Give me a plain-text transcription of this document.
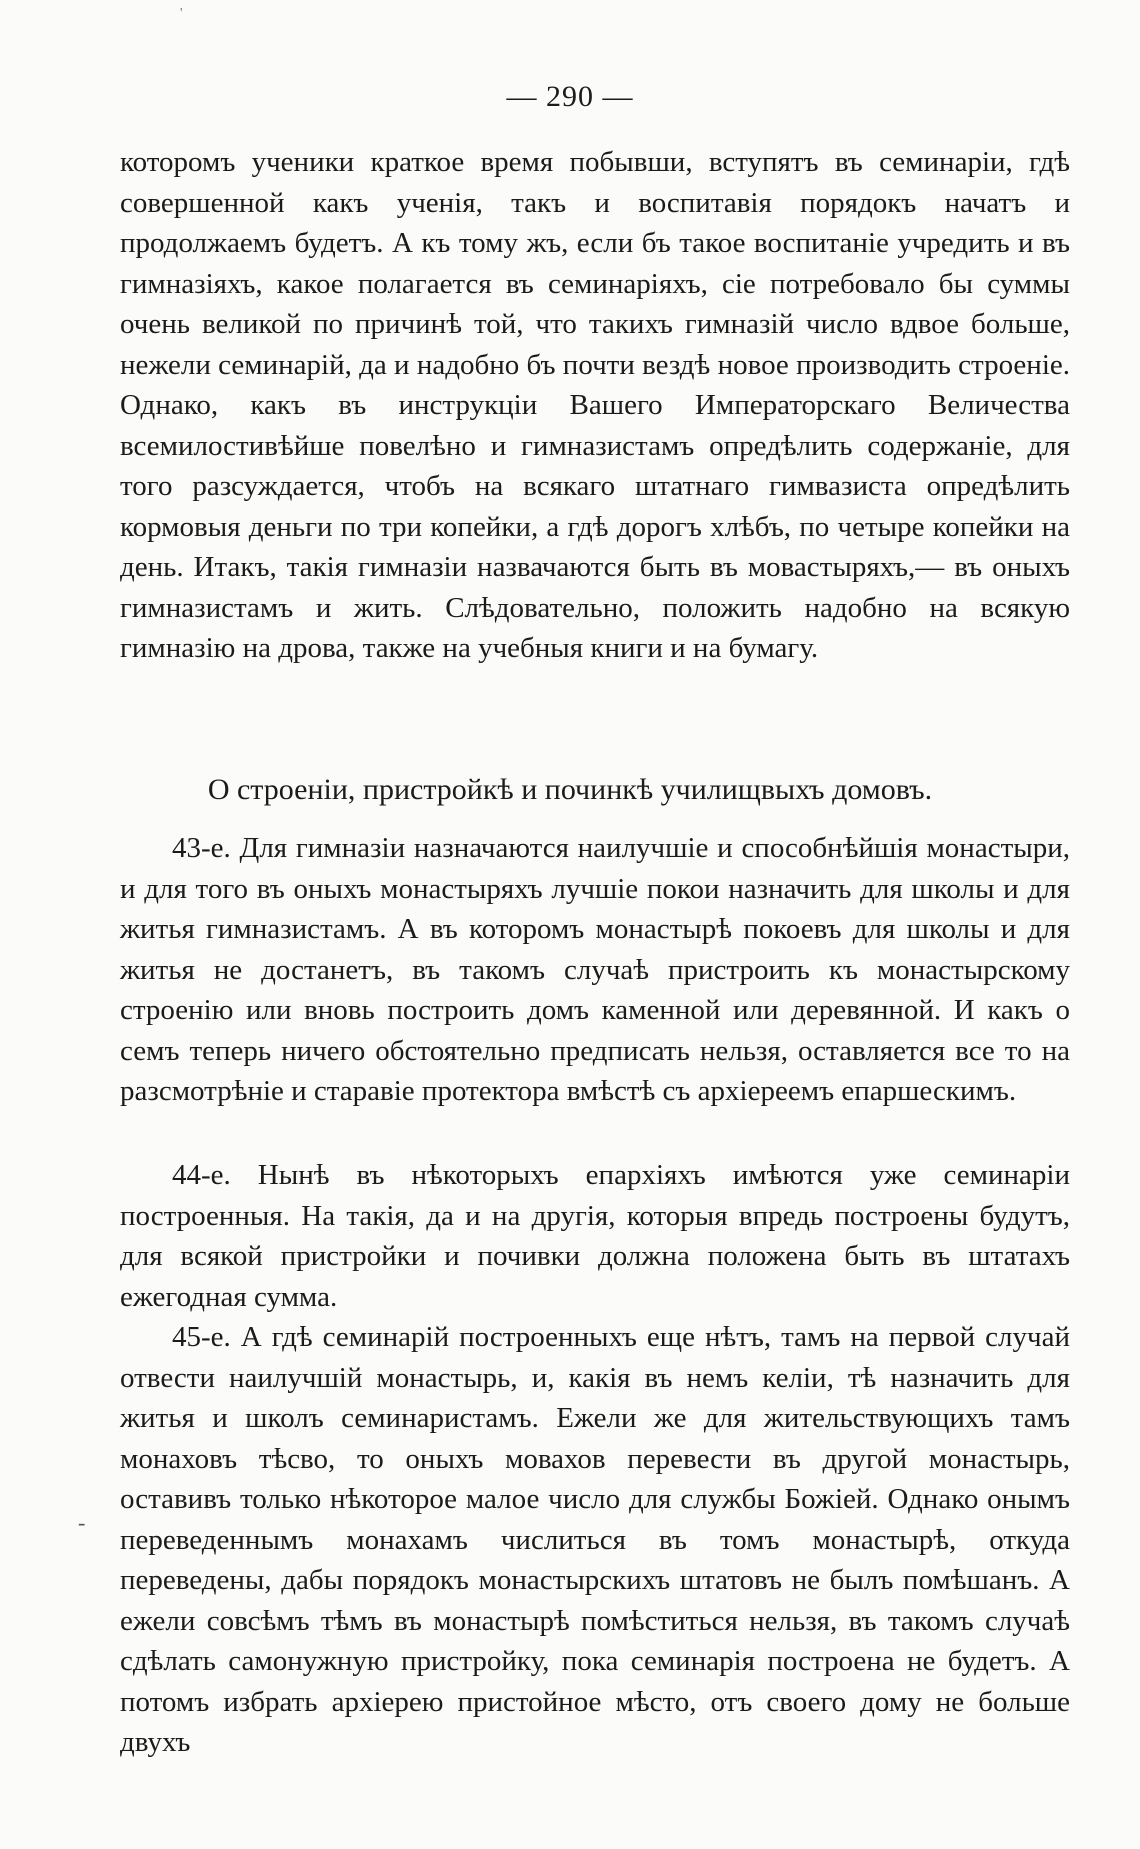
'
— 290 —

которомъ ученики краткое время побывши, вступятъ въ семинаріи, гдѣ совершенной какъ ученія, такъ и воспитавія порядокъ начатъ и продолжаемъ будетъ. А къ тому жъ, если бъ такое воспитаніе учредить и въ гимназіяхъ, какое полагается въ семинаріяхъ, сіе потребовало бы суммы очень великой по причинѣ той, что такихъ гимназій число вдвое больше, нежели семинарій, да и надобно бъ почти вездѣ новое производить строеніе. Однако, какъ въ инструкціи Вашего Императорскаго Величества всемилостивѣйше повелѣно и гимназистамъ опредѣлить содержаніе, для того разсуждается, чтобъ на всякаго штатнаго гимвазиста опредѣлить кормовыя деньги по три копейки, а гдѣ дорогъ хлѣбъ, по четыре копейки на день. Итакъ, такія гимназіи назвачаются быть въ мовастыряхъ,— въ оныхъ гимназистамъ и жить. Слѣдовательно, положить надобно на всякую гимназію на дрова, также на учебныя книги и на бумагу.

О строеніи, пристройкѣ и починкѣ училищвыхъ домовъ.

43-е. Для гимназіи назначаются наилучшіе и способнѣйшія монастыри, и для того въ оныхъ монастыряхъ лучшіе покои назначить для школы и для житья гимназистамъ. А въ которомъ монастырѣ покоевъ для школы и для житья не достанетъ, въ такомъ случаѣ пристроить къ монастырскому строенію или вновь построить домъ каменной или деревянной. И какъ о семъ теперь ничего обстоятельно предписать нельзя, оставляется все то на разсмотрѣніе и старавіе протектора вмѣстѣ съ архіереемъ епаршескимъ.

44-е. Нынѣ въ нѣкоторыхъ епархіяхъ имѣются уже семинаріи построенныя. На такія, да и на другія, которыя впредь построены будутъ, для всякой пристройки и почивки должна положена быть въ штатахъ ежегодная сумма.

45-е. А гдѣ семинарій построенныхъ еще нѣтъ, тамъ на первой случай отвести наилучшій монастырь, и, какія въ немъ келіи, тѣ назначить для житья и школъ семинаристамъ. Ежели же для жительствующихъ тамъ монаховъ тѣсво, то оныхъ мовахов перевести въ другой монастырь, оставивъ только нѣкоторое малое число для службы Божіей. Однако онымъ переведеннымъ монахамъ числиться въ томъ монастырѣ, откуда переведены, дабы порядокъ монастырскихъ штатовъ не былъ помѣшанъ. А ежели совсѣмъ тѣмъ въ монастырѣ помѣститься нельзя, въ такомъ случаѣ сдѣлать самонужную пристройку, пока семинарія построена не будетъ. А потомъ избрать архіерею пристойное мѣсто, отъ своего дому не больше двухъ

-
